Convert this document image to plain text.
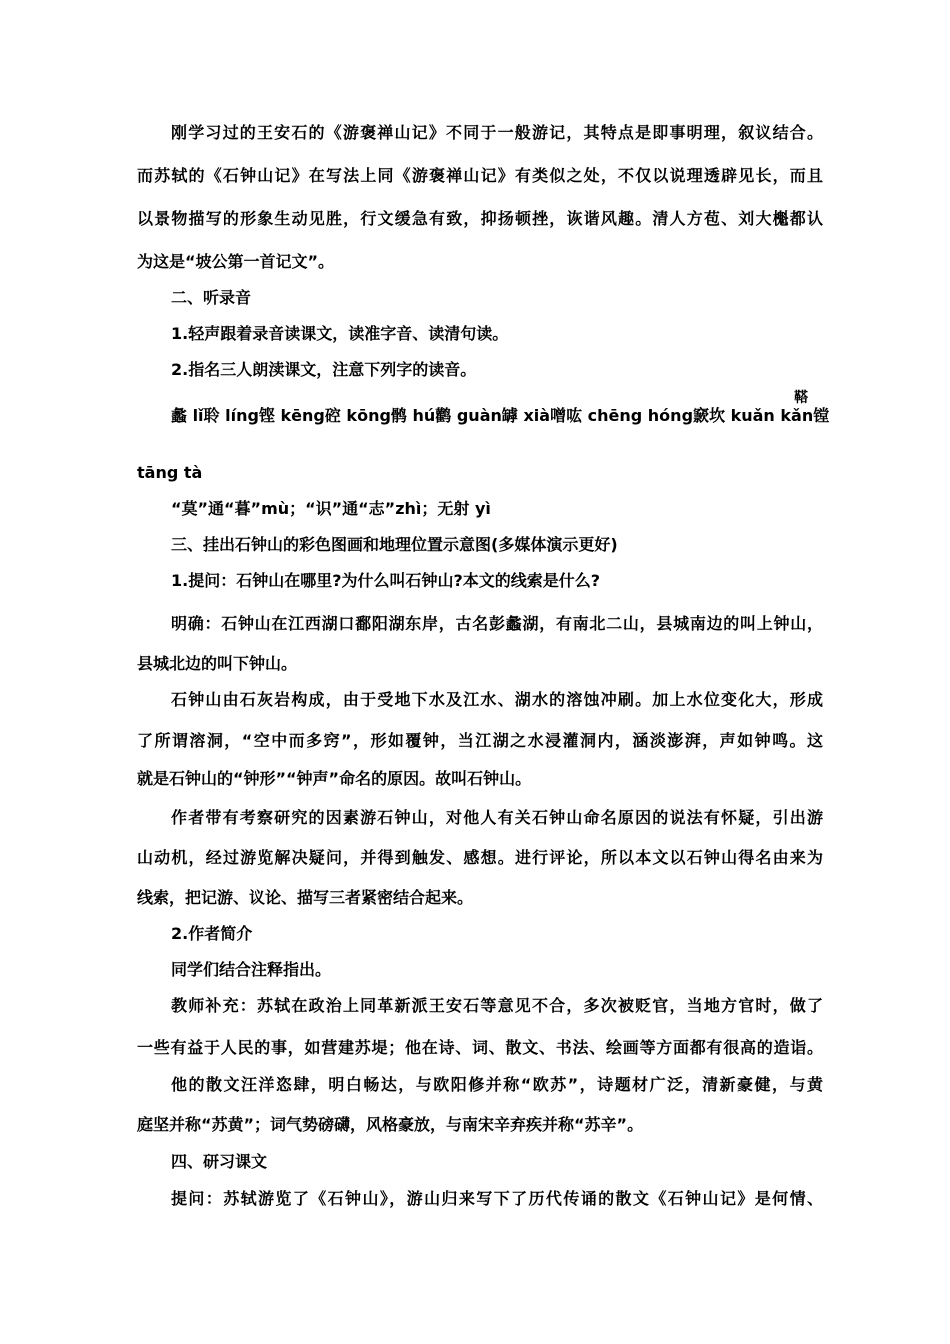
刚学习过的王安石的《游褒禅山记》不同于一般游记，其特点是即事明理，叙议结合。
而苏轼的《石钟山记》在写法上同《游褒禅山记》有类似之处，不仅以说理透辟见长，而且
以景物描写的形象生动见胜，行文缓急有致，抑扬顿挫，诙谐风趣。清人方苞、刘大櫆都认
为这是“坡公第一首记文”。
二、听录音
1.轻声跟着录音读课文，读准字音、读清句读。
2.指名三人朗渎课文，注意下列字的读音。
蠡 lǐ 聆 líng 铿 kēng 硿 kōng 鹘 hú 鹳 guàn 罅 xià 噌吰 chēng hóng 窾坎 kuǎn kǎn 镗
鞳
tāng tà
“莫”通“暮”mù；“识”通“志”zhì；无射 yì
三、挂出石钟山的彩色图画和地理位置示意图(多媒体演示更好)
1.提问：石钟山在哪里?为什么叫石钟山?本文的线索是什么?
明确：石钟山在江西湖口鄱阳湖东岸，古名彭蠡湖，有南北二山，县城南边的叫上钟山，
县城北边的叫下钟山。
石钟山由石灰岩构成，由于受地下水及江水、湖水的溶蚀冲刷。加上水位变化大，形成
了所谓溶洞，“空中而多窍”，形如覆钟，当江湖之水浸灌洞内，涵淡澎湃，声如钟鸣。这
就是石钟山的“钟形”“钟声”命名的原因。故叫石钟山。
作者带有考察研究的因素游石钟山，对他人有关石钟山命名原因的说法有怀疑，引出游
山动机，经过游览解决疑问，并得到触发、感想。进行评论，所以本文以石钟山得名由来为
线索，把记游、议论、描写三者紧密结合起来。
2.作者简介
同学们结合注释指出。
教师补充：苏轼在政治上同革新派王安石等意见不合，多次被贬官，当地方官时，做了
一些有益于人民的事，如营建苏堤；他在诗、词、散文、书法、绘画等方面都有很高的造诣。
他的散文汪洋恣肆，明白畅达，与欧阳修并称“欧苏”，诗题材广泛，清新豪健，与黄
庭坚并称“苏黄”；词气势磅礴，风格豪放，与南宋辛弃疾并称“苏辛”。
四、研习课文
提问：苏轼游览了《石钟山》，游山归来写下了历代传诵的散文《石钟山记》是何情、
